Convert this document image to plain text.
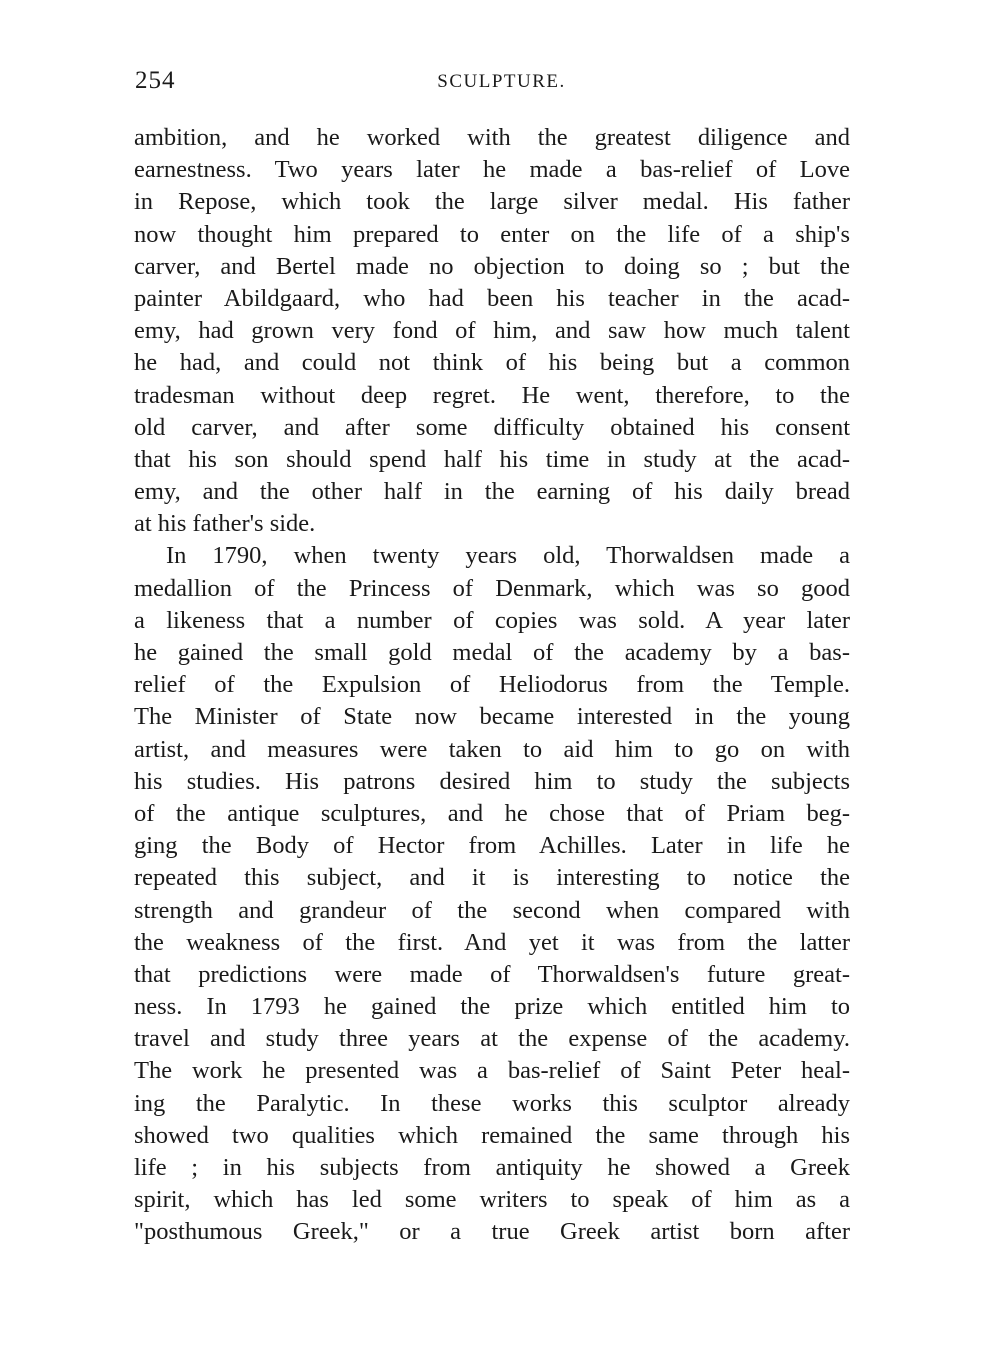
254	SCULPTURE.
ambition, and he worked with the greatest diligence and
earnestness. Two years later he made a bas-relief of Love
in Repose, which took the large silver medal. His father
now thought him prepared to enter on the life of a ship's
carver, and Bertel made no objection to doing so ; but the
painter Abildgaard, who had been his teacher in the acad-
emy, had grown very fond of him, and saw how much talent
he had, and could not think of his being but a common
tradesman without deep regret. He went, therefore, to the
old carver, and after some difficulty obtained his consent
that his son should spend half his time in study at the acad-
emy, and the other half in the earning of his daily bread
at his father's side.
In 1790, when twenty years old, Thorwaldsen made a
medallion of the Princess of Denmark, which was so good
a likeness that a number of copies was sold. A year later
he gained the small gold medal of the academy by a bas-
relief of the Expulsion of Heliodorus from the Temple.
The Minister of State now became interested in the young
artist, and measures were taken to aid him to go on with
his studies. His patrons desired him to study the subjects
of the antique sculptures, and he chose that of Priam beg-
ging the Body of Hector from Achilles. Later in life he
repeated this subject, and it is interesting to notice the
strength and grandeur of the second when compared with
the weakness of the first. And yet it was from the latter
that predictions were made of Thorwaldsen's future great-
ness. In 1793 he gained the prize which entitled him to
travel and study three years at the expense of the academy.
The work he presented was a bas-relief of Saint Peter heal-
ing the Paralytic. In these works this sculptor already
showed two qualities which remained the same through his
life ; in his subjects from antiquity he showed a Greek
spirit, which has led some writers to speak of him as a
"posthumous Greek," or a true Greek artist born after
